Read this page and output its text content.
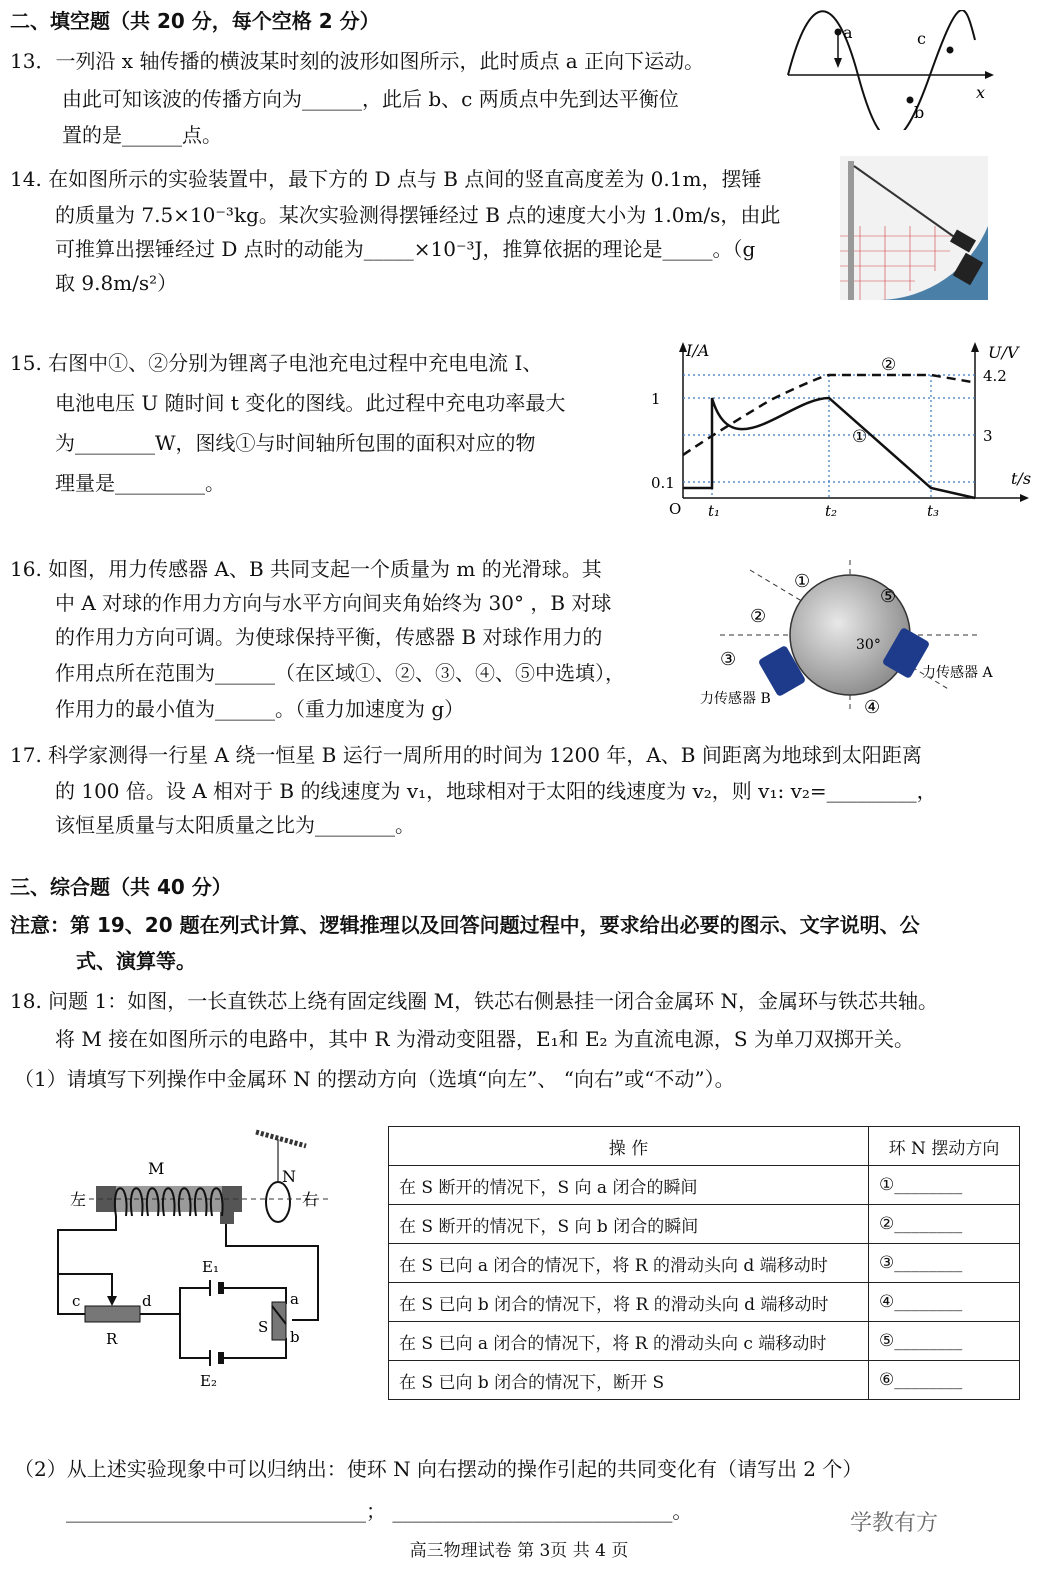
二、填空题（共 20 分，每个空格 2 分）
13．一列沿 x 轴传播的横波某时刻的波形如图所示，此时质点 a 正向下运动。
由此可知该波的传播方向为______，此后 b、c 两质点中先到达平衡位
置的是______点。
a
b
c
x
14. 在如图所示的实验装置中，最下方的 D 点与 B 点间的竖直高度差为 0.1m，摆锤
的质量为 7.5×10⁻³kg。某次实验测得摆锤经过 B 点的速度大小为 1.0m/s，由此
可推算出摆锤经过 D 点时的动能为_____×10⁻³J，推算依据的理论是_____。（g
取 9.8m/s²）
15. 右图中①、②分别为锂离子电池充电过程中充电电流 I、
电池电压 U 随时间 t 变化的图线。此过程中充电功率最大
为________W，图线①与时间轴所包围的面积对应的物
理量是_________。
I/A	U/V
t/s
1
0.1
4.2
3
O t₁	t₂	t₃
①
②
16. 如图，用力传感器 A、B 共同支起一个质量为 m 的光滑球。其
中 A 对球的作用力方向与水平方向间夹角始终为 30° ，B 对球
的作用力方向可调。为使球保持平衡，传感器 B 对球作用力的
作用点所在范围为______（在区域①、②、③、④、⑤中选填），
作用力的最小值为______。（重力加速度为 g）
①
②
③
④
⑤
30°
力传感器 A
力传感器 B
17. 科学家测得一行星 A 绕一恒星 B 运行一周所用的时间为 1200 年，A、B 间距离为地球到太阳距离
的 100 倍。设 A 相对于 B 的线速度为 v₁，地球相对于太阳的线速度为 v₂，则 v₁: v₂=_________，
该恒星质量与太阳质量之比为________。
三、综合题（共 40 分）
注意：第 19、20 题在列式计算、逻辑推理以及回答问题过程中，要求给出必要的图示、文字说明、公
式、演算等。
18. 问题 1：如图，一长直铁芯上绕有固定线圈 M，铁芯右侧悬挂一闭合金属环 N，金属环与铁芯共轴。
将 M 接在如图所示的电路中，其中 R 为滑动变阻器，E₁和 E₂ 为直流电源，S 为单刀双掷开关。
（1）请填写下列操作中金属环 N 的摆动方向（选填“向左”、 “向右”或“不动”）。
M	N
左	右
c	d
R
E₁
E₂
S
a
b
操 作	环 N 摆动方向
在 S 断开的情况下，S 向 a 闭合的瞬间	①________
在 S 断开的情况下，S 向 b 闭合的瞬间	②________
在 S 已向 a 闭合的情况下，将 R 的滑动头向 d 端移动时	③________
在 S 已向 b 闭合的情况下，将 R 的滑动头向 d 端移动时	④________
在 S 已向 a 闭合的情况下，将 R 的滑动头向 c 端移动时	⑤________
在 S 已向 b 闭合的情况下，断开 S	⑥________
（2）从上述实验现象中可以归纳出：使环 N 向右摆动的操作引起的共同变化有（请写出 2 个）
______________________________； ____________________________。	学教有方
高三物理试卷 第 3页 共 4 页
